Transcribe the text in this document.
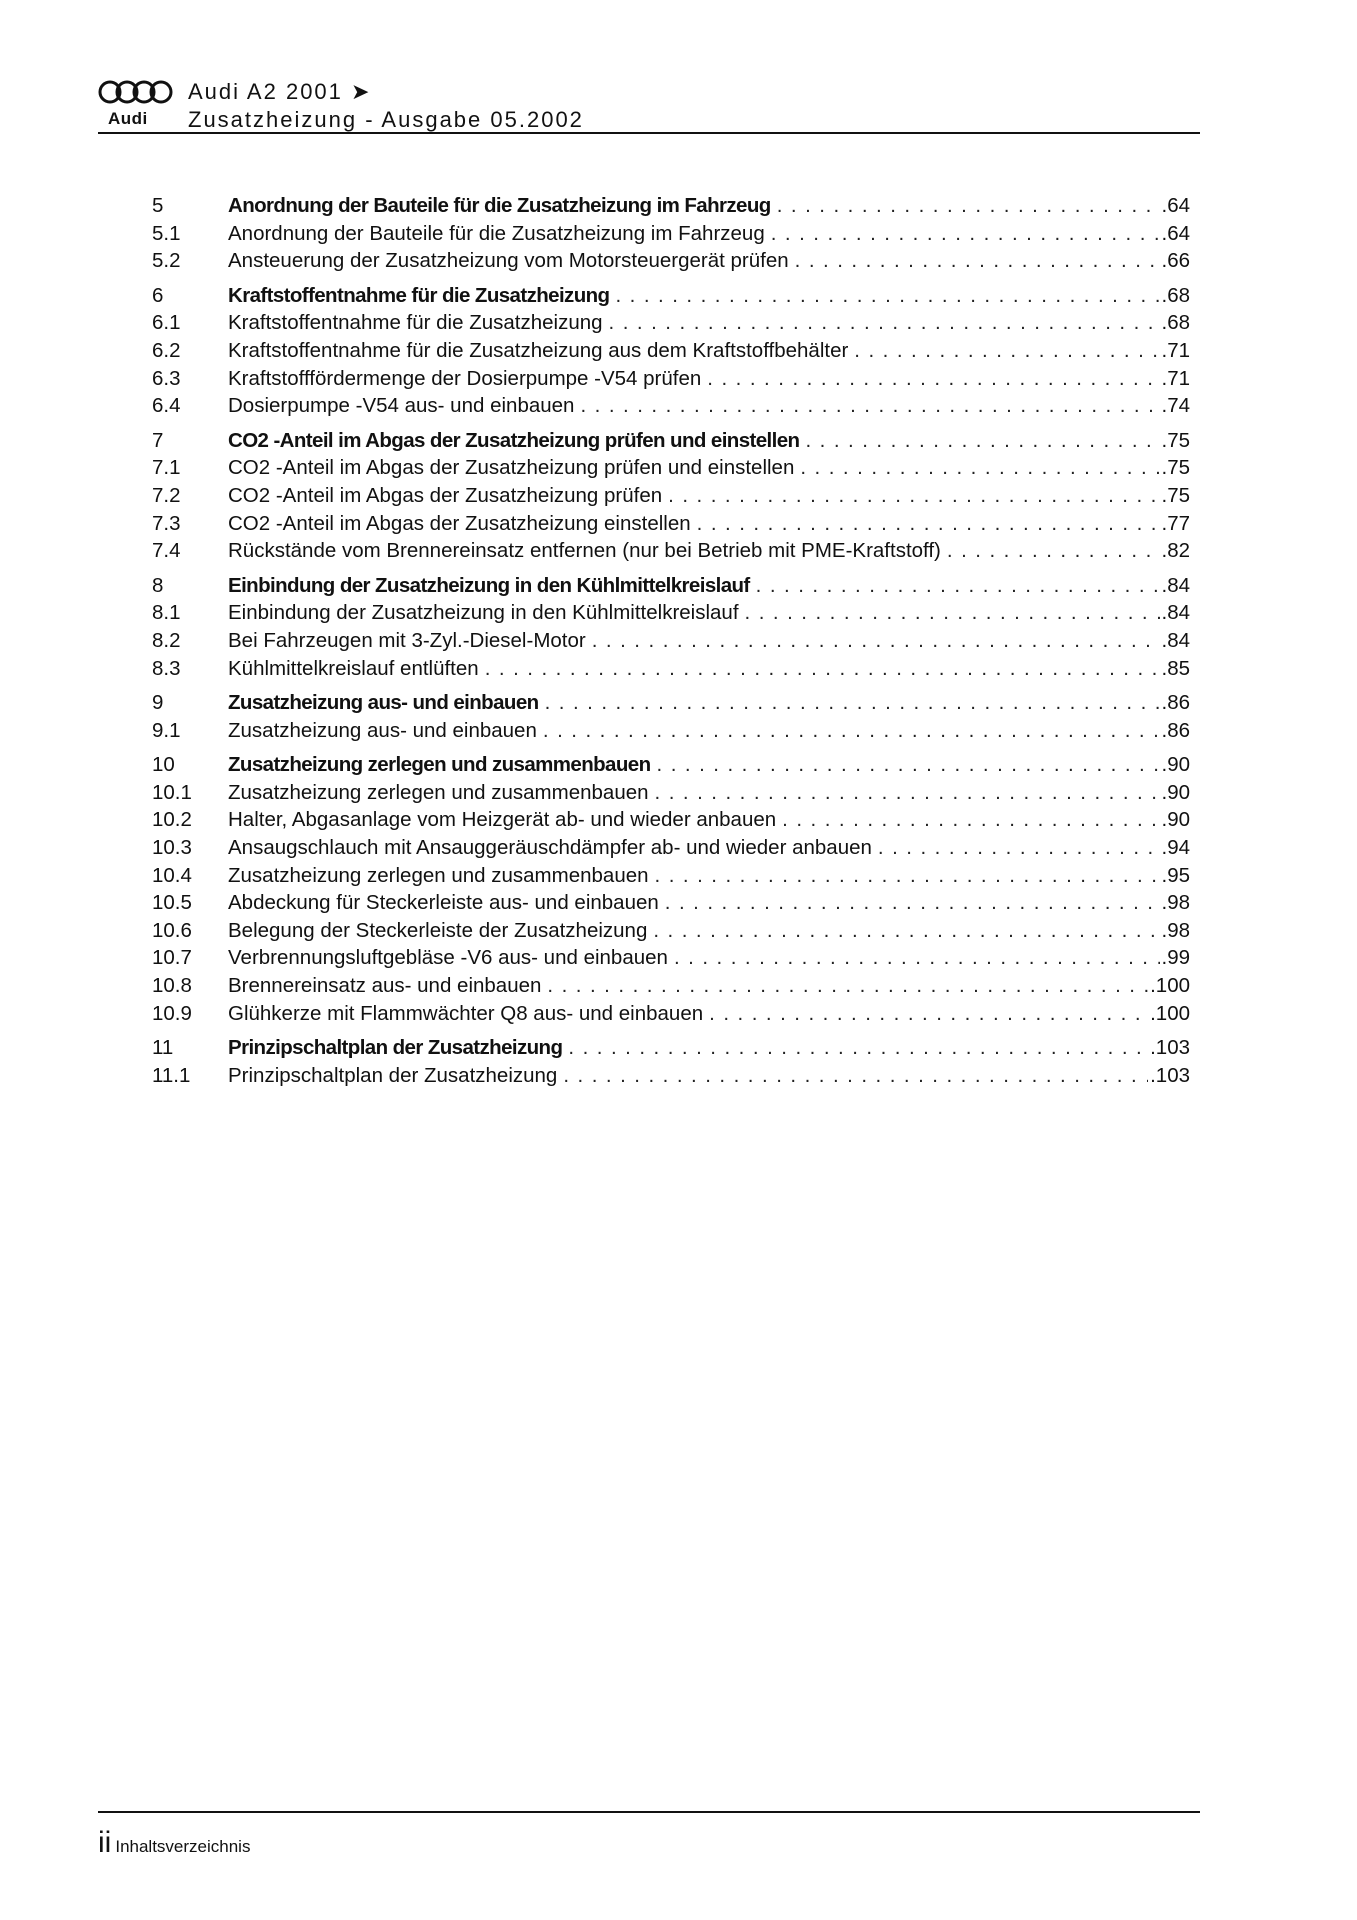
Audi
Audi A2 2001 ➤
Zusatzheizung - Ausgabe 05.2002
5	Anordnung der Bauteile für die Zusatzheizung im Fahrzeug . . .	.64
5.1	Anordnung der Bauteile für die Zusatzheizung im Fahrzeug . . .	.64
5.2	Ansteuerung der Zusatzheizung vom Motorsteuergerät prüfen . . .	.66
6	Kraftstoffentnahme für die Zusatzheizung . . .	.68
6.1	Kraftstoffentnahme für die Zusatzheizung . . .	.68
6.2	Kraftstoffentnahme für die Zusatzheizung aus dem Kraftstoffbehälter . . .	.71
6.3	Kraftstofffördermenge der Dosierpumpe -V54 prüfen . . .	.71
6.4	Dosierpumpe -V54 aus- und einbauen . . .	.74
7	CO2 -Anteil im Abgas der Zusatzheizung prüfen und einstellen . . .	.75
7.1	CO2 -Anteil im Abgas der Zusatzheizung prüfen und einstellen . . .	.75
7.2	CO2 -Anteil im Abgas der Zusatzheizung prüfen . . .	.75
7.3	CO2 -Anteil im Abgas der Zusatzheizung einstellen . . .	.77
7.4	Rückstände vom Brennereinsatz entfernen (nur bei Betrieb mit PME-Kraftstoff) . . .	.82
8	Einbindung der Zusatzheizung in den Kühlmittelkreislauf . . .	.84
8.1	Einbindung der Zusatzheizung in den Kühlmittelkreislauf . . .	.84
8.2	Bei Fahrzeugen mit 3-Zyl.-Diesel-Motor . . .	.84
8.3	Kühlmittelkreislauf entlüften . . .	.85
9	Zusatzheizung aus- und einbauen . . .	.86
9.1	Zusatzheizung aus- und einbauen . . .	.86
10	Zusatzheizung zerlegen und zusammenbauen . . .	.90
10.1	Zusatzheizung zerlegen und zusammenbauen . . .	.90
10.2	Halter, Abgasanlage vom Heizgerät ab- und wieder anbauen . . .	.90
10.3	Ansaugschlauch mit Ansauggeräuschdämpfer ab- und wieder anbauen . . .	.94
10.4	Zusatzheizung zerlegen und zusammenbauen . . .	.95
10.5	Abdeckung für Steckerleiste aus- und einbauen . . .	.98
10.6	Belegung der Steckerleiste der Zusatzheizung . . .	.98
10.7	Verbrennungsluftgebläse -V6 aus- und einbauen . . .	.99
10.8	Brennereinsatz aus- und einbauen . . .	.100
10.9	Glühkerze mit Flammwächter Q8 aus- und einbauen . . .	.100
11	Prinzipschaltplan der Zusatzheizung . . .	.103
11.1	Prinzipschaltplan der Zusatzheizung . . .	.103
ii Inhaltsverzeichnis
